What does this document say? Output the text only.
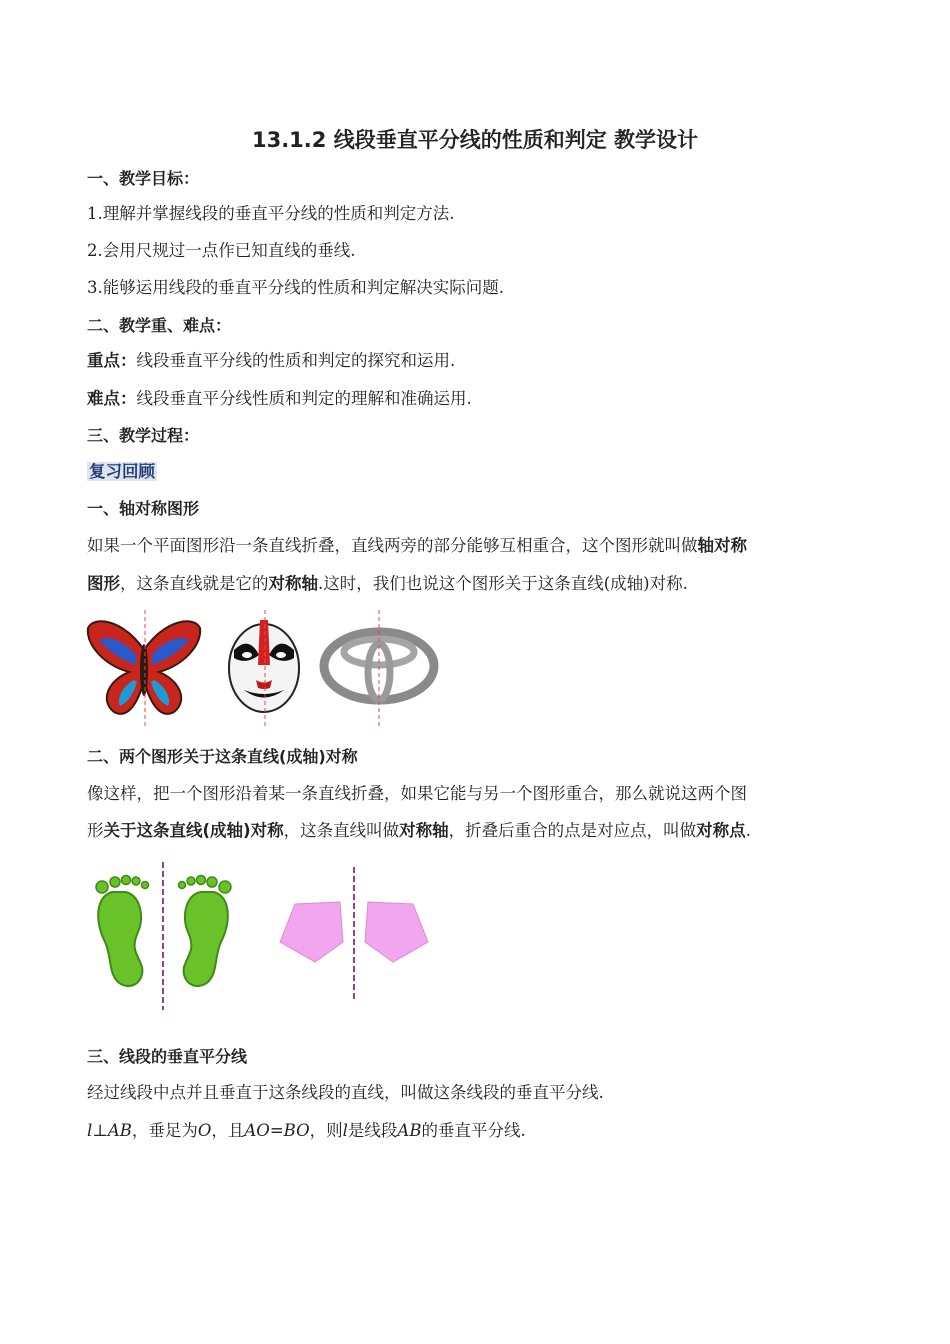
13.1.2 线段垂直平分线的性质和判定 教学设计
一、教学目标：
1.理解并掌握线段的垂直平分线的性质和判定方法.
2.会用尺规过一点作已知直线的垂线.
3.能够运用线段的垂直平分线的性质和判定解决实际问题.
二、教学重、难点：
重点：线段垂直平分线的性质和判定的探究和运用.
难点：线段垂直平分线性质和判定的理解和准确运用.
三、教学过程：
复习回顾
一、轴对称图形
如果一个平面图形沿一条直线折叠，直线两旁的部分能够互相重合，这个图形就叫做轴对称
图形，这条直线就是它的对称轴.这时，我们也说这个图形关于这条直线(成轴)对称.
二、两个图形关于这条直线(成轴)对称
像这样，把一个图形沿着某一条直线折叠，如果它能与另一个图形重合，那么就说这两个图
形关于这条直线(成轴)对称，这条直线叫做对称轴，折叠后重合的点是对应点，叫做对称点.
三、线段的垂直平分线
经过线段中点并且垂直于这条线段的直线，叫做这条线段的垂直平分线.
l⊥AB，垂足为O，且AO=BO，则l是线段AB的垂直平分线.
